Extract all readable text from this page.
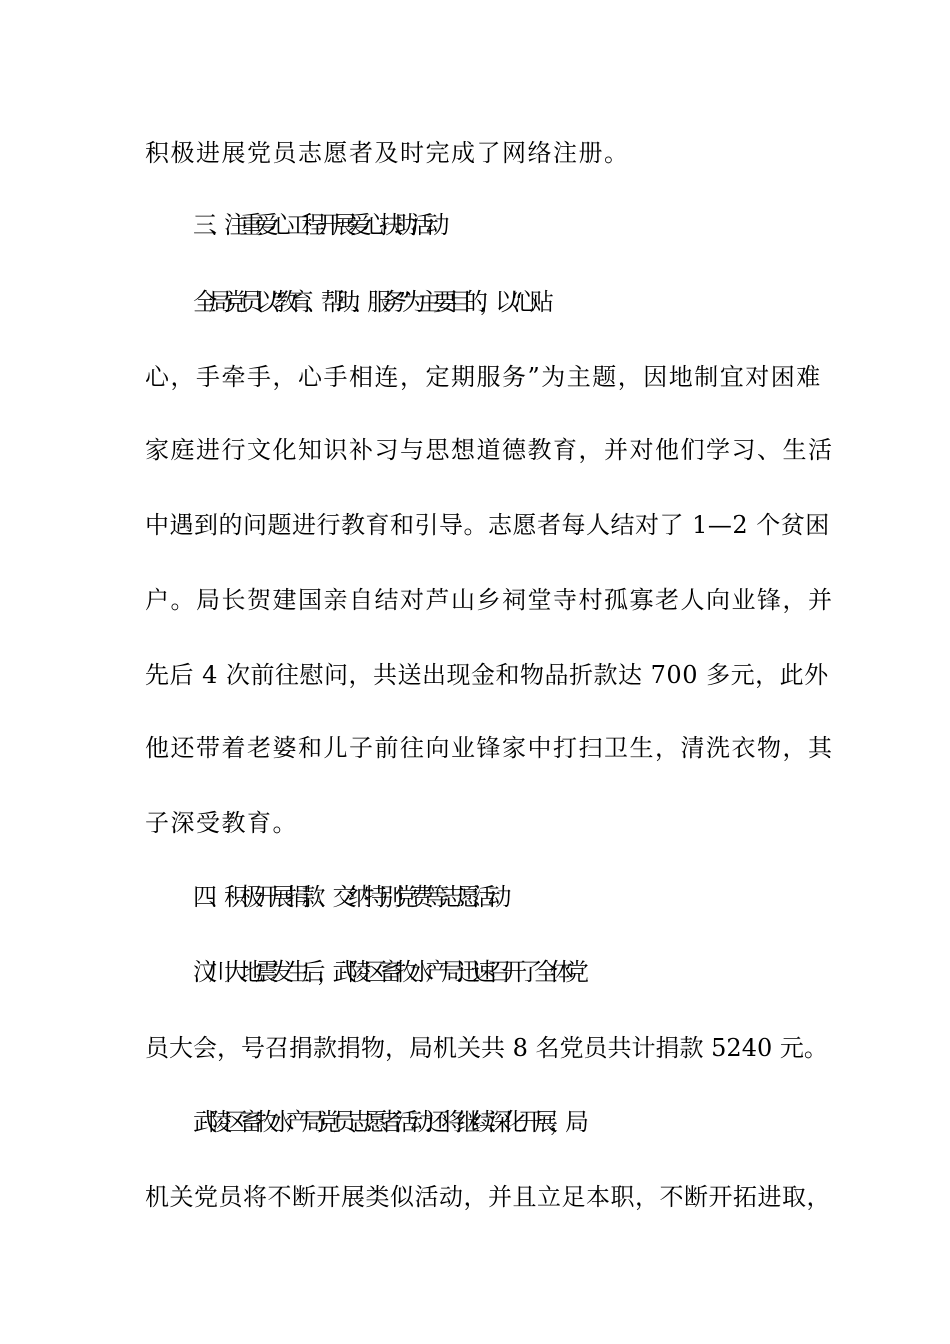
积极进展党员志愿者及时完成了网络注册。
三、注重爱心工程开展爱心扶助活动
全局党员以“教育、帮助、服务”为主要目的，以“心贴
心，手牵手，心手相连，定期服务”为主题，因地制宜对困难
家庭进行文化知识补习与思想道德教育，并对他们学习、生活
中遇到的问题进行教育和引导。志愿者每人结对了 1—2 个贫困
户。局长贺建国亲自结对芦山乡祠堂寺村孤寡老人向业锋，并
先后 4 次前往慰问，共送出现金和物品折款达 700 多元，此外
他还带着老婆和儿子前往向业锋家中打扫卫生，清洗衣物，其
子深受教育。
四、积极开展捐款、交纳特别党费等志愿活动
汶川大地震发生后，武陵区畜牧水产局迅速召开了全体党
员大会，号召捐款捐物，局机关共 8 名党员共计捐款 5240 元。
武陵区畜牧水产局党员志愿者活动还将继续深化开展，局
机关党员将不断开展类似活动，并且立足本职，不断开拓进取，
